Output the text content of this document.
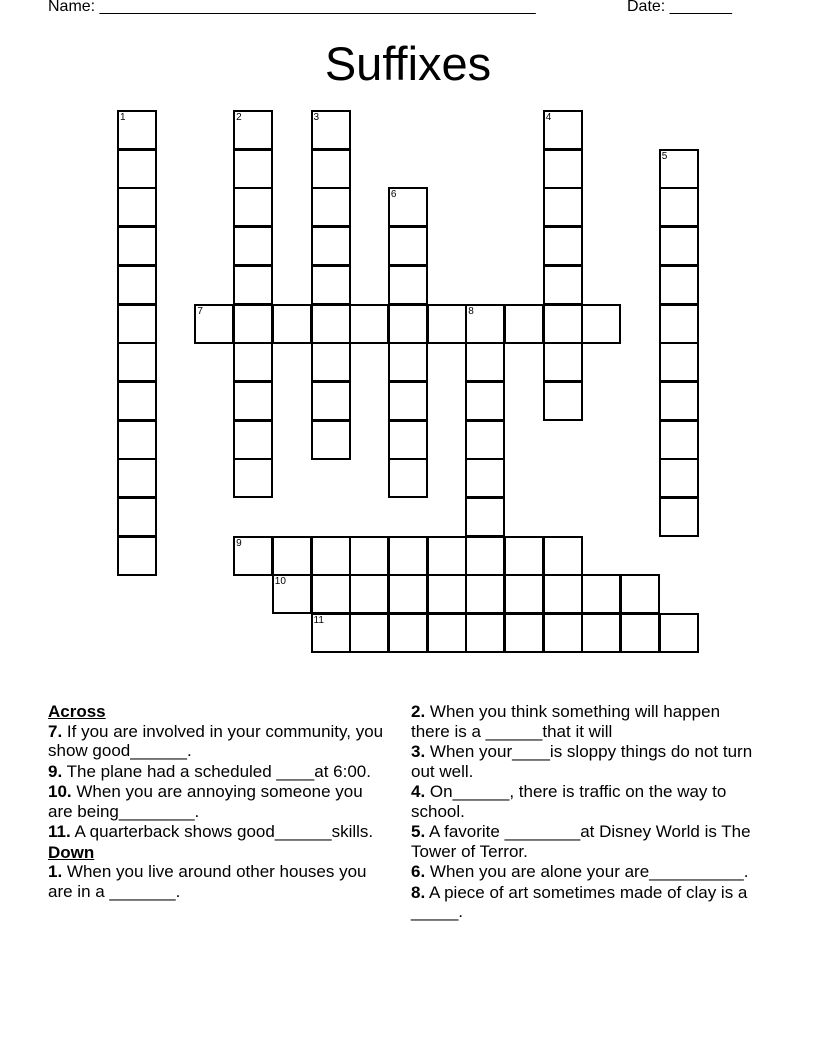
Name: _________________________________________________	Date: _______
Suffixes
1	2	3	4
5
6
7	8
9
10
11
Across
7. If you are involved in your community, you show good______.
9. The plane had a scheduled ____at 6:00.
10. When you are annoying someone you are being________.
11. A quarterback shows good______skills.
Down
1. When you live around other houses you are in a _______.
2. When you think something will happen there is a ______that it will
3. When your____is sloppy things do not turn out well.
4. On______, there is traffic on the way to school.
5. A favorite ________at Disney World is The Tower of Terror.
6. When you are alone your are__________.
8. A piece of art sometimes made of clay is a _____.
